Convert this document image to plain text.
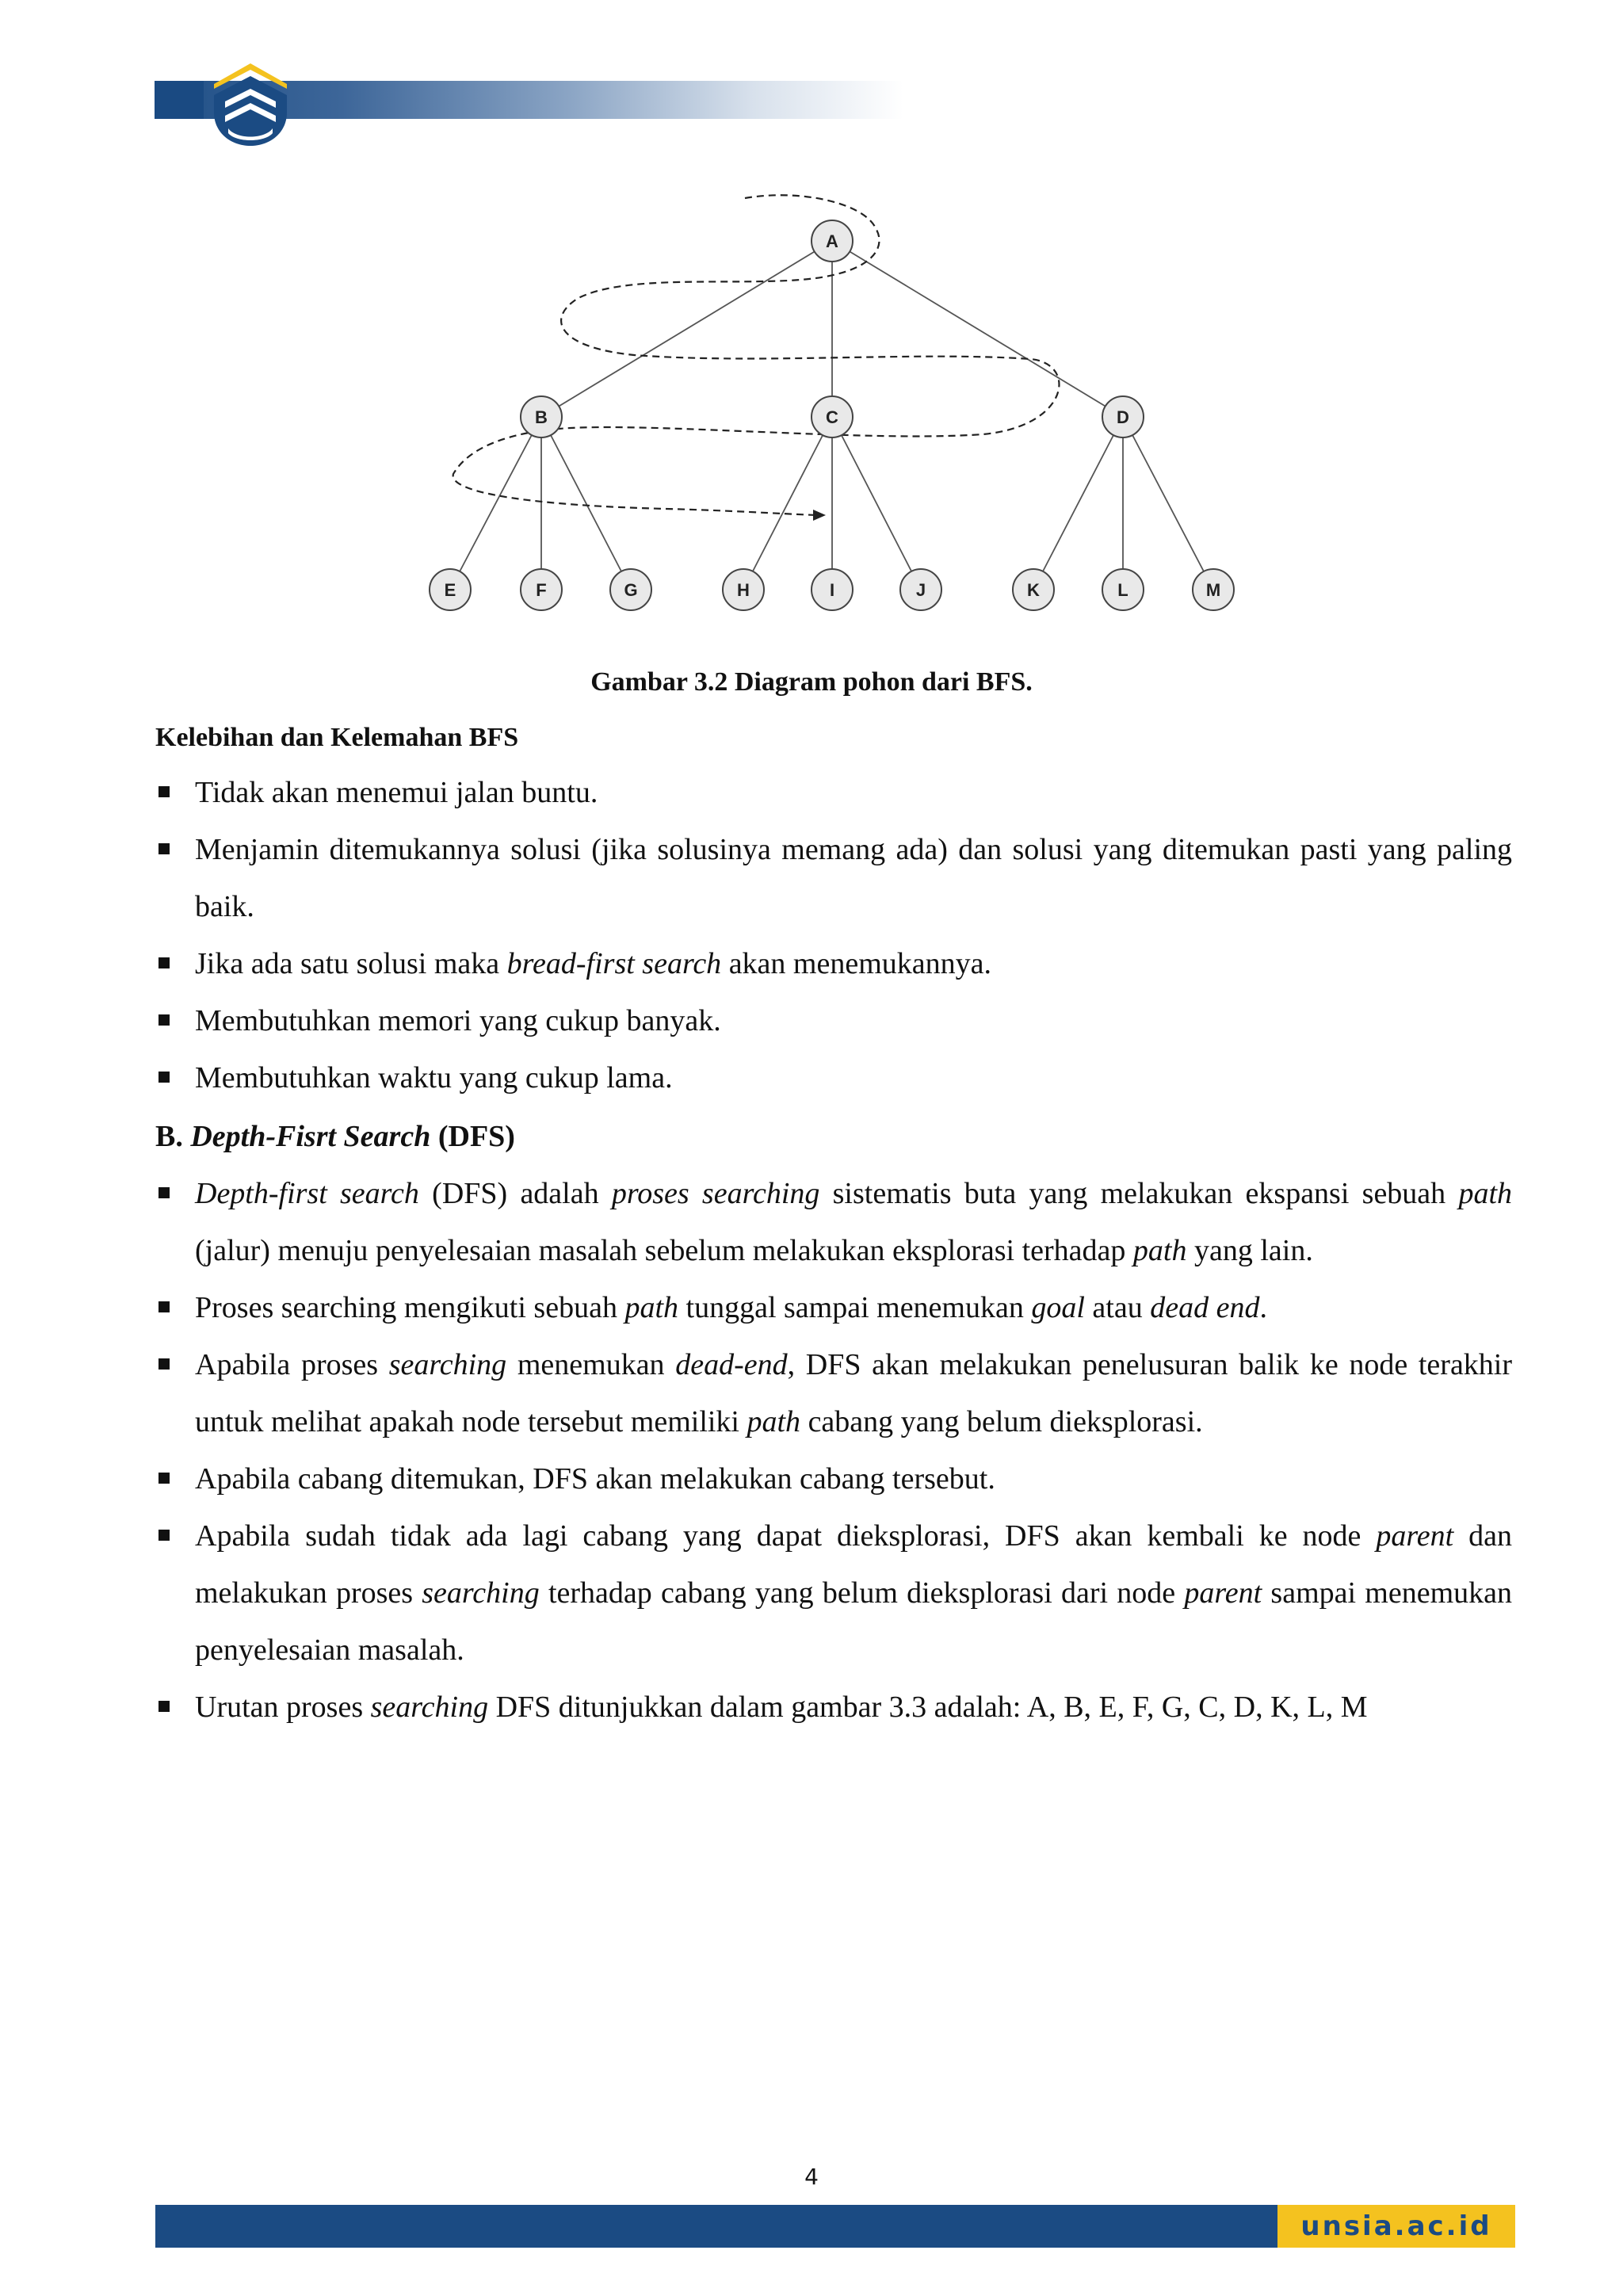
A
B	C	D
E	F	G	H	I	J	K	L	M
Gambar 3.2 Diagram pohon dari BFS.
Kelebihan dan Kelemahan BFS
Tidak akan menemui jalan buntu.
Menjamin ditemukannya solusi (jika solusinya memang ada) dan solusi yang ditemukan pasti yang paling baik.
Jika ada satu solusi maka bread-first search akan menemukannya.
Membutuhkan memori yang cukup banyak.
Membutuhkan waktu yang cukup lama.
B. Depth-Fisrt Search (DFS)
Depth-first search (DFS) adalah proses searching sistematis buta yang melakukan ekspansi sebuah path (jalur) menuju penyelesaian masalah sebelum melakukan eksplorasi terhadap path yang lain.
Proses searching mengikuti sebuah path tunggal sampai menemukan goal atau dead end.
Apabila proses searching menemukan dead-end, DFS akan melakukan penelusuran balik ke node terakhir untuk melihat apakah node tersebut memiliki path cabang yang belum dieksplorasi.
Apabila cabang ditemukan, DFS akan melakukan cabang tersebut.
Apabila sudah tidak ada lagi cabang yang dapat dieksplorasi, DFS akan kembali ke node parent dan melakukan proses searching terhadap cabang yang belum dieksplorasi dari node parent sampai menemukan penyelesaian masalah.
Urutan proses searching DFS ditunjukkan dalam gambar 3.3 adalah: A, B, E, F, G, C, D, K, L, M
4
unsia.ac.id
